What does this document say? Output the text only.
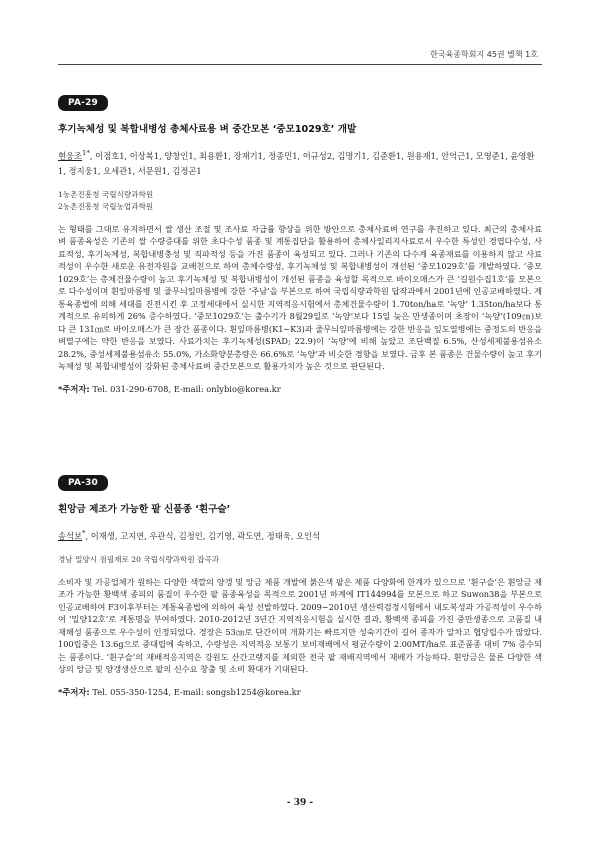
한국육종학회지 45권 별책 1호
PA-29
후기녹체성 및 복합내병성 총체사료용 벼 중간모본 ‘중모1029호’ 개발
현웅조$^{1*}$, 이점호1, 이상복1, 양창인1, 최용환1, 장재기1, 정종민1, 이규성2, 김명기1, 김준환1, 원용재1, 안억근1, 모영준1, 윤영환1, 정지웅1, 오세관1, 서문원1, 김정곤1
1농촌진흥청 국립식량과학원
2농촌진흥청 국립농업과학원
논 형태를 그대로 유지하면서 쌀 생산 조절 및 조사료 자급률 향상을 위한 방안으로 총체사료벼 연구를 추진하고 있다. 최근의 총체사료벼 품종육성은 기존의 쌀 수량증대를 위한 초다수성 품종 및 계통집단을 활용하여 총체사일리지사료로서 우수한 특성인 경엽다수성, 사료적성, 후기녹체성, 복합내병충성 및 직파적성 등을 가진 품종이 육성되고 있다. 그러나 기존의 다수계 육종재료를 이용하지 않고 사료적성이 우수한 새로운 유전자원을 교배친으로 하여 총체수량성, 후기녹체성 및 복합내병성이 개선된 ‘중모1029호’를 개발하였다. ‘중모1029호’는 총체건물수량이 높고 후기녹체성 및 복합내병성이 개선된 품종을 육성할 목적으로 바이오매스가 큰 ‘길원수집1호’를 모본으로 다수성이며 흰잎마름병 및 줄무늬잎마름병에 강한 ‘주남’을 부본으로 하여 국립식량과학원 답작과에서 2001년에 인공교배하였다. 계통육종법에 의해 세대를 진전시킨 후 고정세대에서 실시한 지역적응시험에서 총체건물수량이 1.70ton/ha로 ‘녹양’ 1.35ton/ha보다 통계적으로 유의하게 26% 증수하였다. ‘중모1029호’는 출수기가 8월29일로 ‘녹양’보다 15일 늦은 만생종이며 초장이 ‘녹양’(109㎝)보다 큰 131㎝로 바이오매스가 큰 장간 품종이다. 흰잎마름병(K1∼K3)과 줄무늬잎마름병에는 강한 반응을 잎도열병에는 중정도의 반응을 벼멸구에는 약한 반응을 보였다. 사료가치는 후기녹체성(SPAD; 22.9)이 ‘녹양’에 비해 높았고 조단백질 6.5%, 산성세제불용섬유소 28.2%, 중성세제불용섬유소 55.0%, 가소화양분총량은 66.6%로 ‘녹양’과 비슷한 경향을 보였다. 금후 본 품종은 건물수량이 높고 후기녹체성 및 복합내병성이 강화된 총체사료벼 중간모본으로 활용가치가 높은 것으로 판단된다.
*주저자: Tel. 031-290-6708, E-mail: onlybio@korea.kr
PA-30
흰앙금 제조가 가능한 팥 신품종 ‘흰구슬’
송석보*, 이재생, 고지연, 우관식, 김정인, 김기영, 곽도연, 정태욱, 오인석
경남 밀양시 점필재로 20 국립식량과학원 잡곡과
소비자 및 가공업체가 원하는 다양한 색깔의 양갱 및 앙금 제품 개발에 붉은색 팥은 제품 다양화에 한계가 있으므로 ‘흰구슬’은 흰앙금 제조가 가능한 황백색 종피의 품질이 우수한 팥 품종육성을 목적으로 2001년 하계에 IT144994를 모본으로 하고 Suwon38을 부본으로 인공교배하여 F3이후부터는 계통육종법에 의하여 육성 선발하였다. 2009∼2010년 생산력검정시험에서 내도복성과 가공적성이 우수하여 ‘밀양12호’로 계통명을 부여하였다. 2010-2012년 3년간 지역적응시험을 실시한 결과, 황백색 종피를 가진 중만생종으로 고품질 내재해성 품종으로 우수성이 인정되었다. 경장은 53㎝로 단간이며 개화기는 빠르지만 성숙기간이 길어 종자가 알차고 협당립수가 많았다. 100립중은 13.6g으로 중대립에 속하고, 수량성은 지역적응 보통기 보비재배에서 평균수량이 2.00MT/ha로 표준품종 대비 7% 증수되는 품종이다. ‘흰구슬’의 재배적응지역은 강원도 산간고랭지를 제외한 전국 팥 재배지역에서 재배가 가능하다. 흰앙금은 물론 다양한 색상의 앙금 및 양갱생산으로 팥의 신수요 창출 및 소비 확대가 기대된다.
*주저자: Tel. 055-350-1254, E-mail: songsb1254@korea.kr
- 39 -
